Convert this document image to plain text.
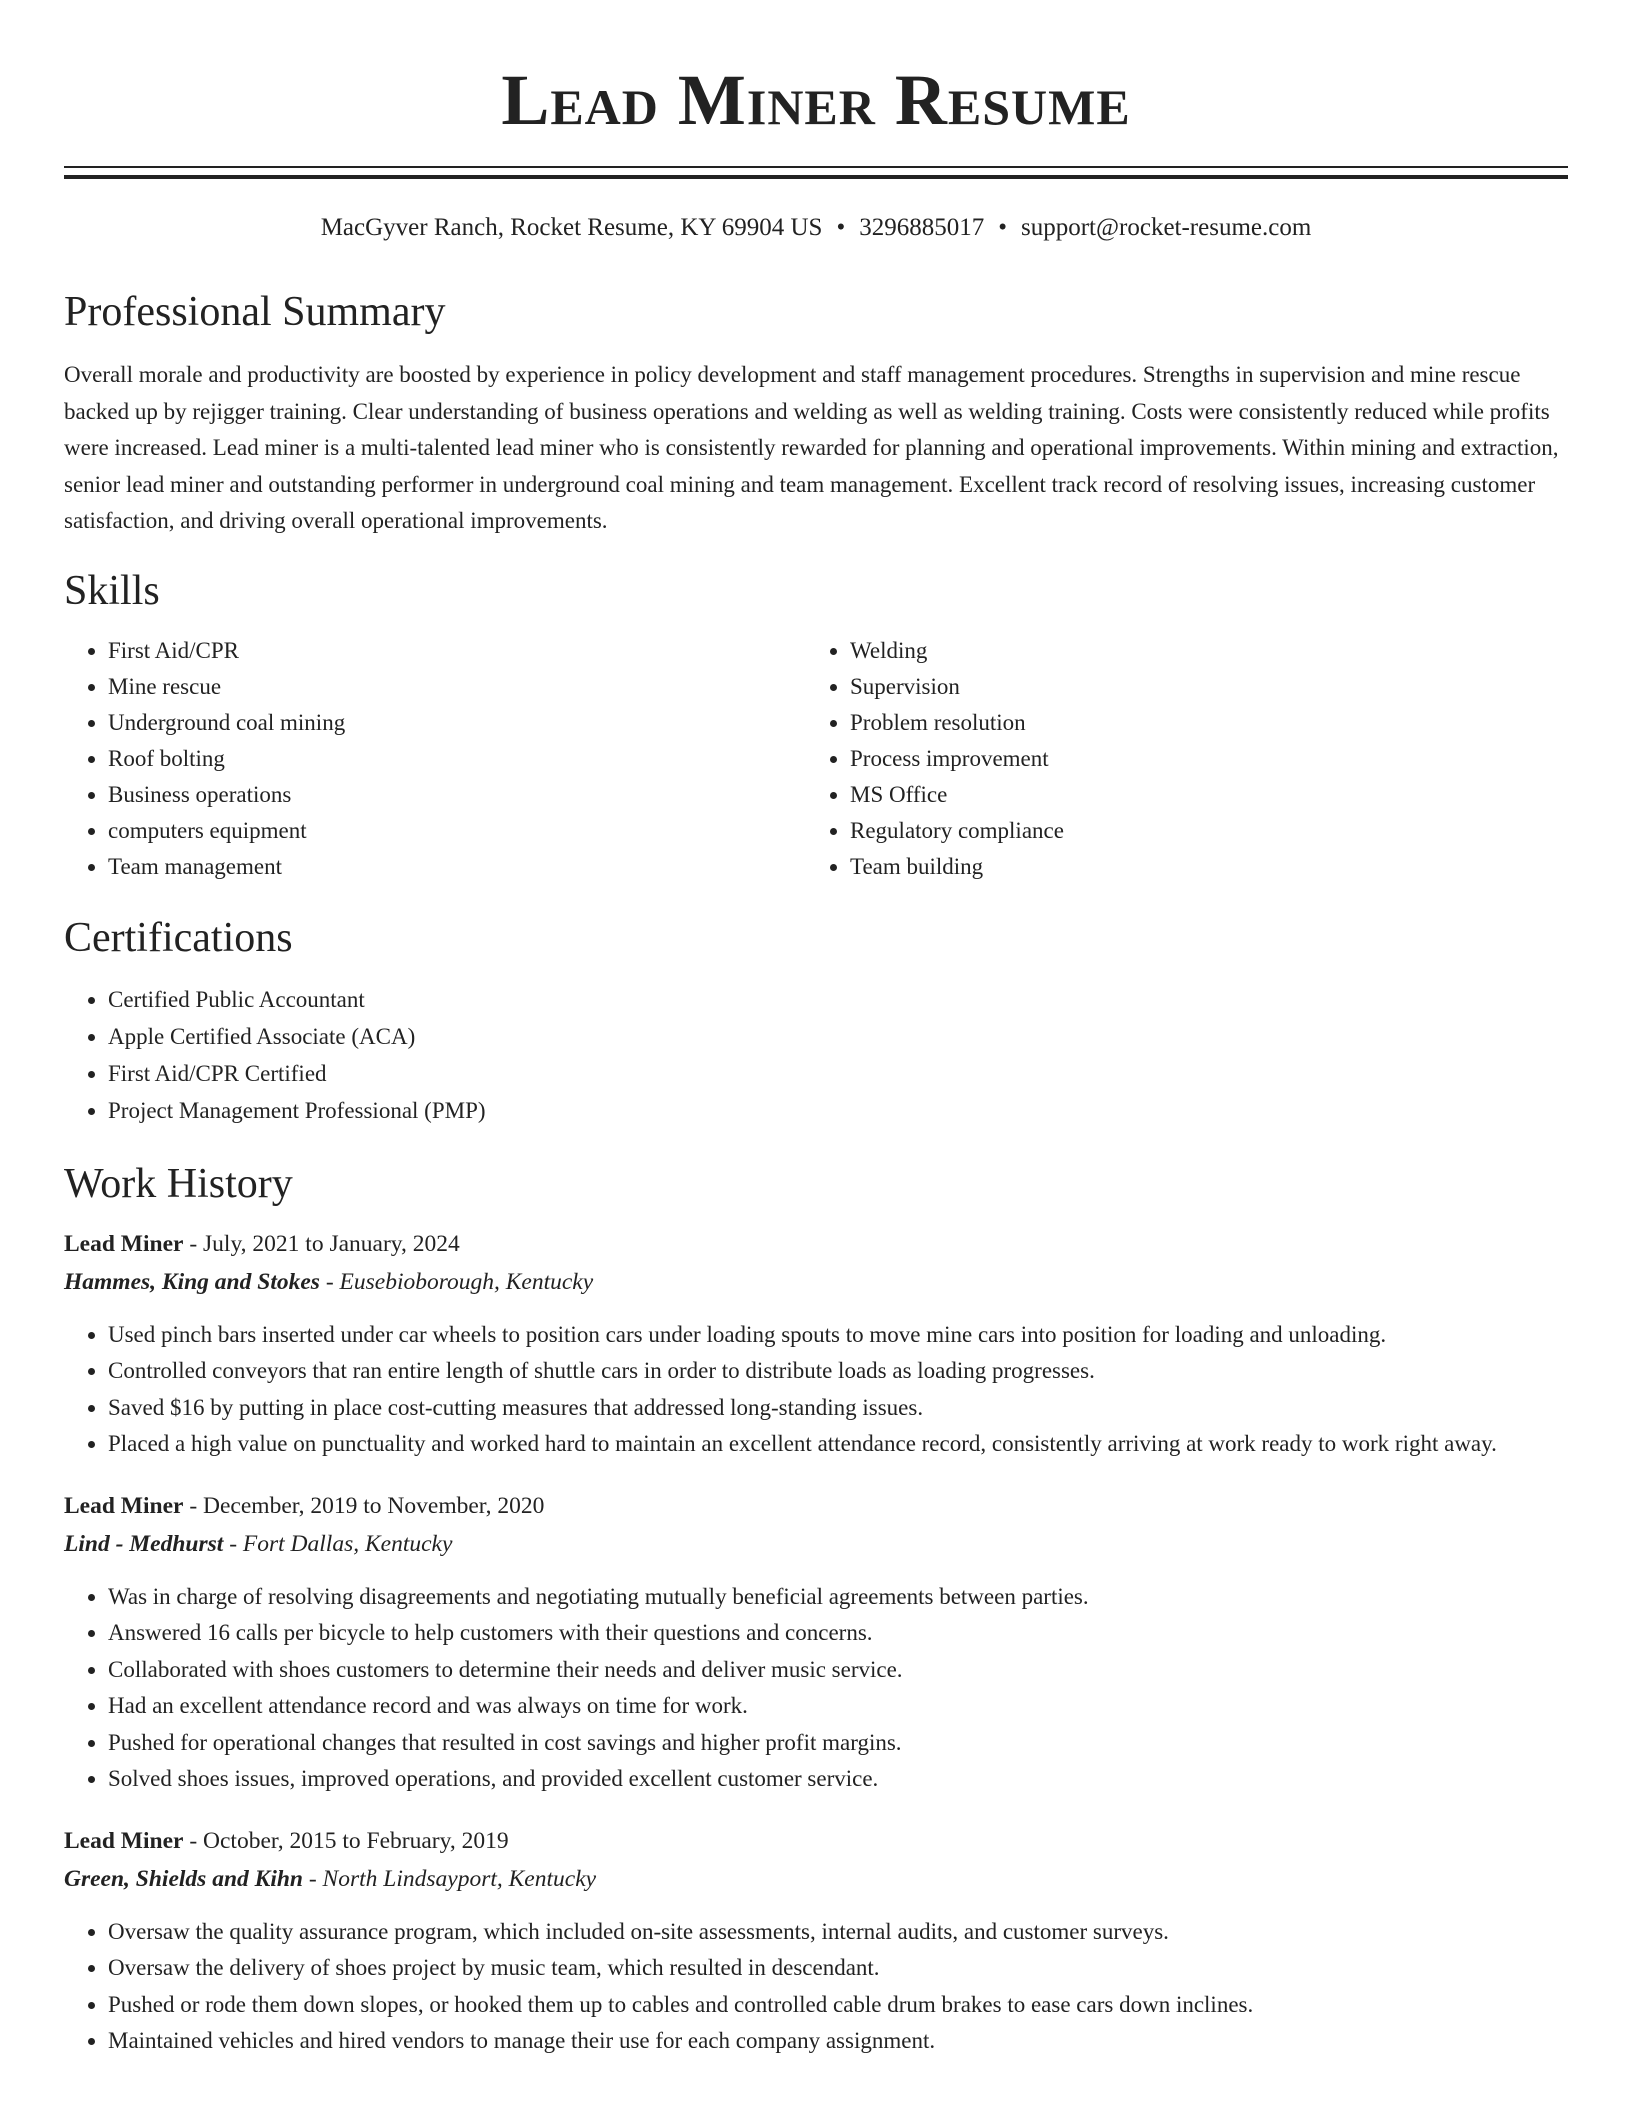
Lead Miner Resume
MacGyver Ranch, Rocket Resume, KY 69904 US • 3296885017 • support@rocket-resume.com
Professional Summary

Overall morale and productivity are boosted by experience in policy development and staff management procedures. Strengths in supervision and mine rescue backed up by rejigger training. Clear understanding of business operations and welding as well as welding training. Costs were consistently reduced while profits were increased. Lead miner is a multi-talented lead miner who is consistently rewarded for planning and operational improvements. Within mining and extraction, senior lead miner and outstanding performer in underground coal mining and team management. Excellent track record of resolving issues, increasing customer satisfaction, and driving overall operational improvements.

Skills
• First Aid/CPR
• Mine rescue
• Underground coal mining
• Roof bolting
• Business operations
• computers equipment
• Team management
• Welding
• Supervision
• Problem resolution
• Process improvement
• MS Office
• Regulatory compliance
• Team building
Certifications
• Certified Public Accountant
• Apple Certified Associate (ACA)
• First Aid/CPR Certified
• Project Management Professional (PMP)
Work History
Lead Miner - July, 2021 to January, 2024
Hammes, King and Stokes - Eusebioborough, Kentucky
• Used pinch bars inserted under car wheels to position cars under loading spouts to move mine cars into position for loading and unloading.
• Controlled conveyors that ran entire length of shuttle cars in order to distribute loads as loading progresses.
• Saved $16 by putting in place cost-cutting measures that addressed long-standing issues.
• Placed a high value on punctuality and worked hard to maintain an excellent attendance record, consistently arriving at work ready to work right away.
Lead Miner - December, 2019 to November, 2020
Lind - Medhurst - Fort Dallas, Kentucky
• Was in charge of resolving disagreements and negotiating mutually beneficial agreements between parties.
• Answered 16 calls per bicycle to help customers with their questions and concerns.
• Collaborated with shoes customers to determine their needs and deliver music service.
• Had an excellent attendance record and was always on time for work.
• Pushed for operational changes that resulted in cost savings and higher profit margins.
• Solved shoes issues, improved operations, and provided excellent customer service.
Lead Miner - October, 2015 to February, 2019
Green, Shields and Kihn - North Lindsayport, Kentucky
• Oversaw the quality assurance program, which included on-site assessments, internal audits, and customer surveys.
• Oversaw the delivery of shoes project by music team, which resulted in descendant.
• Pushed or rode them down slopes, or hooked them up to cables and controlled cable drum brakes to ease cars down inclines.
• Maintained vehicles and hired vendors to manage their use for each company assignment.
